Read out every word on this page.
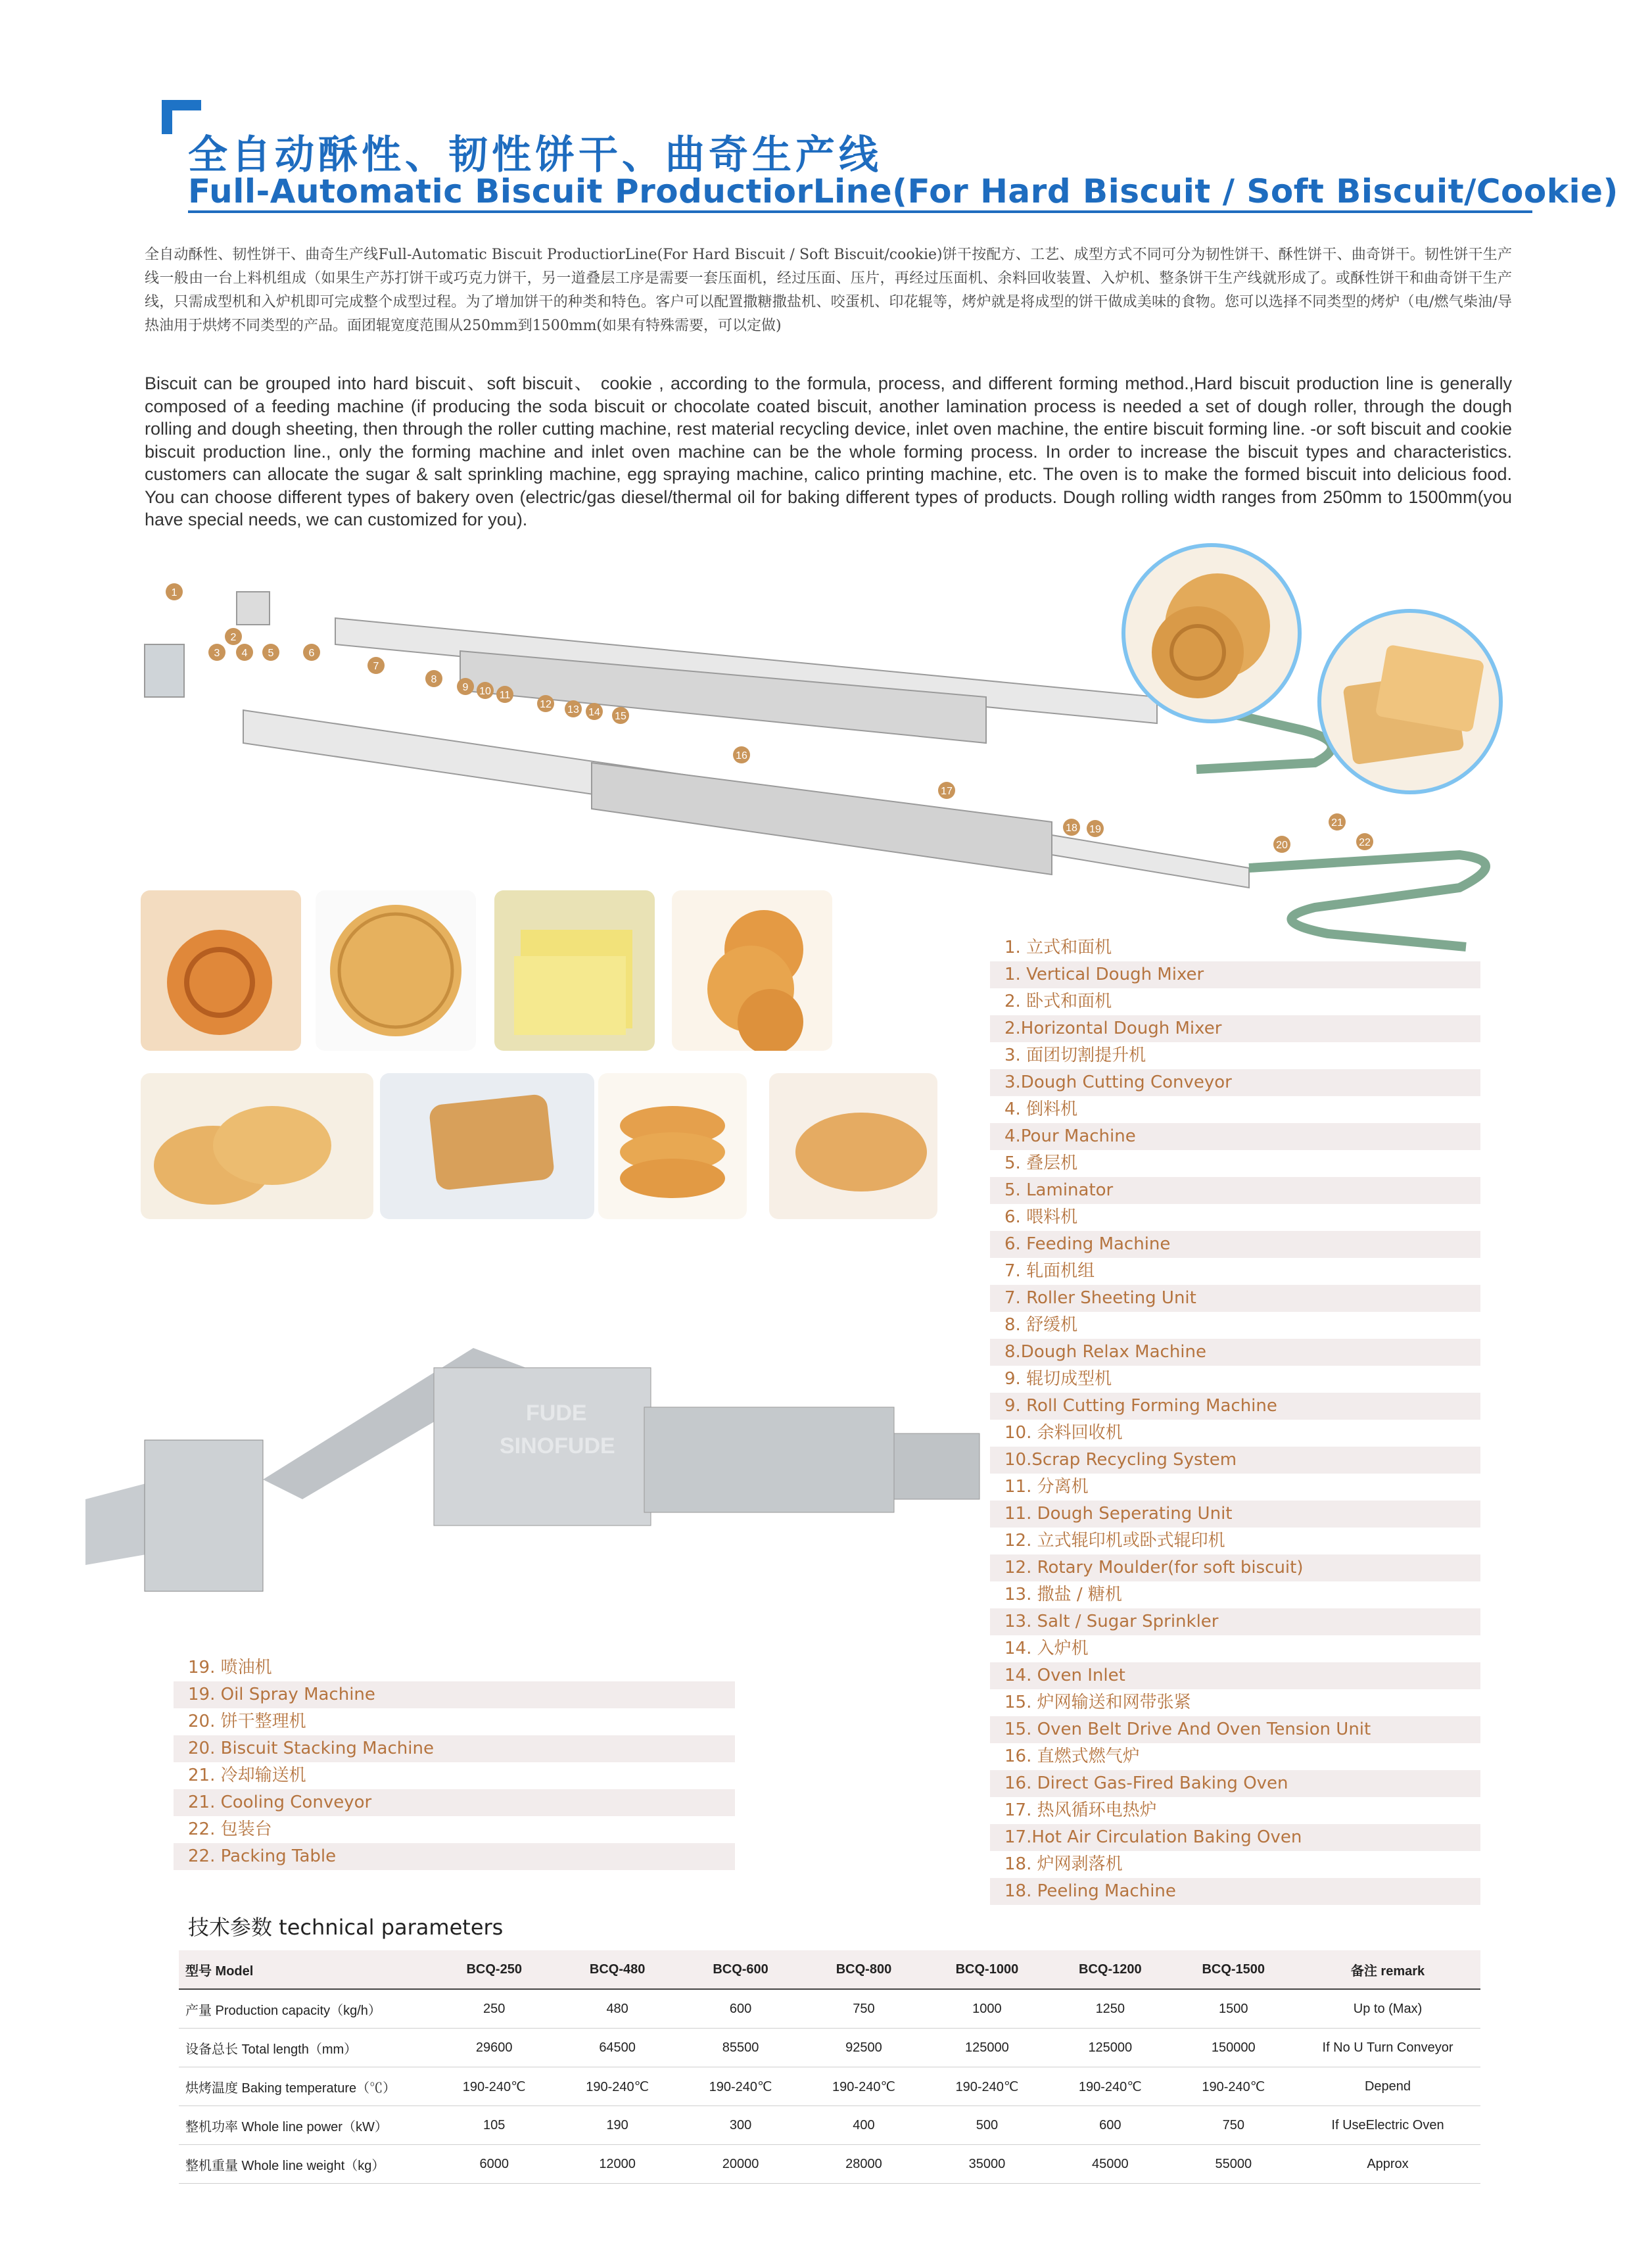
全自动酥性、韧性饼干、曲奇生产线
Full-Automatic Biscuit ProductiorLine(For Hard Biscuit / Soft Biscuit/Cookie)
全自动酥性、韧性饼干、曲奇生产线Full-Automatic Biscuit ProductiorLine(For Hard Biscuit / Soft Biscuit/cookie)饼干按配方、工艺、成型方式不同可分为韧性饼干、酥性饼干、曲奇饼干。韧性饼干生产线一般由一台上料机组成（如果生产苏打饼干或巧克力饼干，另一道叠层工序是需要一套压面机，经过压面、压片，再经过压面机、余料回收装置、入炉机、整条饼干生产线就形成了。或酥性饼干和曲奇饼干生产线，只需成型机和入炉机即可完成整个成型过程。为了增加饼干的种类和特色。客户可以配置撒糖撒盐机、咬蛋机、印花辊等，烤炉就是将成型的饼干做成美味的食物。您可以选择不同类型的烤炉（电/燃气柴油/导热油用于烘烤不同类型的产品。面团辊宽度范围从250mm到1500mm(如果有特殊需要，可以定做)
Biscuit can be grouped into hard biscuit、soft biscuit、 cookie , according to the formula, process, and different forming method.,Hard biscuit production line is generally composed of a feeding machine (if producing the soda biscuit or chocolate coated biscuit, another lamination process is needed a set of dough roller, through the dough rolling and dough sheeting, then through the roller cutting machine, rest material recycling device, inlet oven machine, the entire biscuit forming line. -or soft biscuit and cookie biscuit production line., only the forming machine and inlet oven machine can be the whole forming process. In order to increase the biscuit types and characteristics. customers can allocate the sugar & salt sprinkling machine, egg spraying machine, calico printing machine, etc. The oven is to make the formed biscuit into delicious food. You can choose different types of bakery oven (electric/gas diesel/thermal oil for baking different types of products. Dough rolling width ranges from 250mm to 1500mm(you have special needs, we can customized for you).
1
2
3 4 5	6
7
8
9 10 11
12 13 14 15
16
17
18 19
20
21
22
FUDE
SINOFUDE
1. 立式和面机
1. Vertical Dough Mixer
2. 卧式和面机
2.Horizontal Dough Mixer
3. 面团切割提升机
3.Dough Cutting Conveyor
4. 倒料机
4.Pour Machine
5. 叠层机
5. Laminator
6. 喂料机
6. Feeding Machine
7. 轧面机组
7. Roller Sheeting Unit
8. 舒缓机
8.Dough Relax Machine
9. 辊切成型机
9. Roll Cutting Forming Machine
10. 余料回收机
10.Scrap Recycling System
11. 分离机
11. Dough Seperating Unit
12. 立式辊印机或卧式辊印机
12. Rotary Moulder(for soft biscuit)
13. 撒盐 / 糖机
13. Salt / Sugar Sprinkler
14. 入炉机
14. Oven Inlet
15. 炉网输送和网带张紧
15. Oven Belt Drive And Oven Tension Unit
16. 直燃式燃气炉
16. Direct Gas-Fired Baking Oven
17. 热风循环电热炉
17.Hot Air Circulation Baking Oven
18. 炉网剥落机
18. Peeling Machine
19. 喷油机
19. Oil Spray Machine
20. 饼干整理机
20. Biscuit Stacking Machine
21. 冷却输送机
21. Cooling Conveyor
22. 包装台
22. Packing Table
技术参数 technical parameters
型号 Model	BCQ-250	BCQ-480	BCQ-600	BCQ-800	BCQ-1000	BCQ-1200	BCQ-1500	备注 remark
产量 Production capacity（kg/h）	250	480	600	750	1000	1250	1500	Up to (Max)
设备总长 Total length（mm）	29600	64500	85500	92500	125000	125000	150000	If No U Turn Conveyor
烘烤温度 Baking temperature（℃）	190-240℃	190-240℃	190-240℃	190-240℃	190-240℃	190-240℃	190-240℃	Depend
整机功率 Whole line power（kW）	105	190	300	400	500	600	750	If UseElectric Oven
整机重量 Whole line weight（kg）	6000	12000	20000	28000	35000	45000	55000	Approx
